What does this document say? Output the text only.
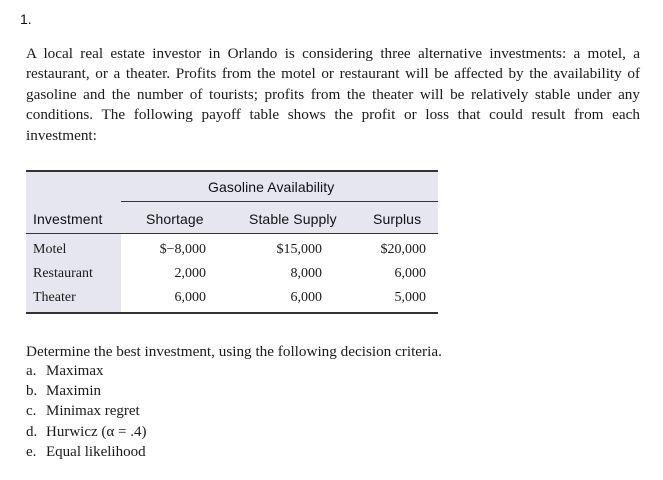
1.
A local real estate investor in Orlando is considering three alternative investments: a motel, a restaurant, or a theater. Profits from the motel or restaurant will be affected by the availability of gasoline and the number of tourists; profits from the theater will be relatively stable under any conditions. The following payoff table shows the profit or loss that could result from each investment:
Gasoline Availability
Investment	Shortage	Stable Supply	Surplus
Motel	$−8,000	$15,000	$20,000
Restaurant	2,000	8,000	6,000
Theater	6,000	6,000	5,000
Determine the best investment, using the following decision criteria.
a. Maximax
b. Maximin
c. Minimax regret
d. Hurwicz (α = .4)
e. Equal likelihood
